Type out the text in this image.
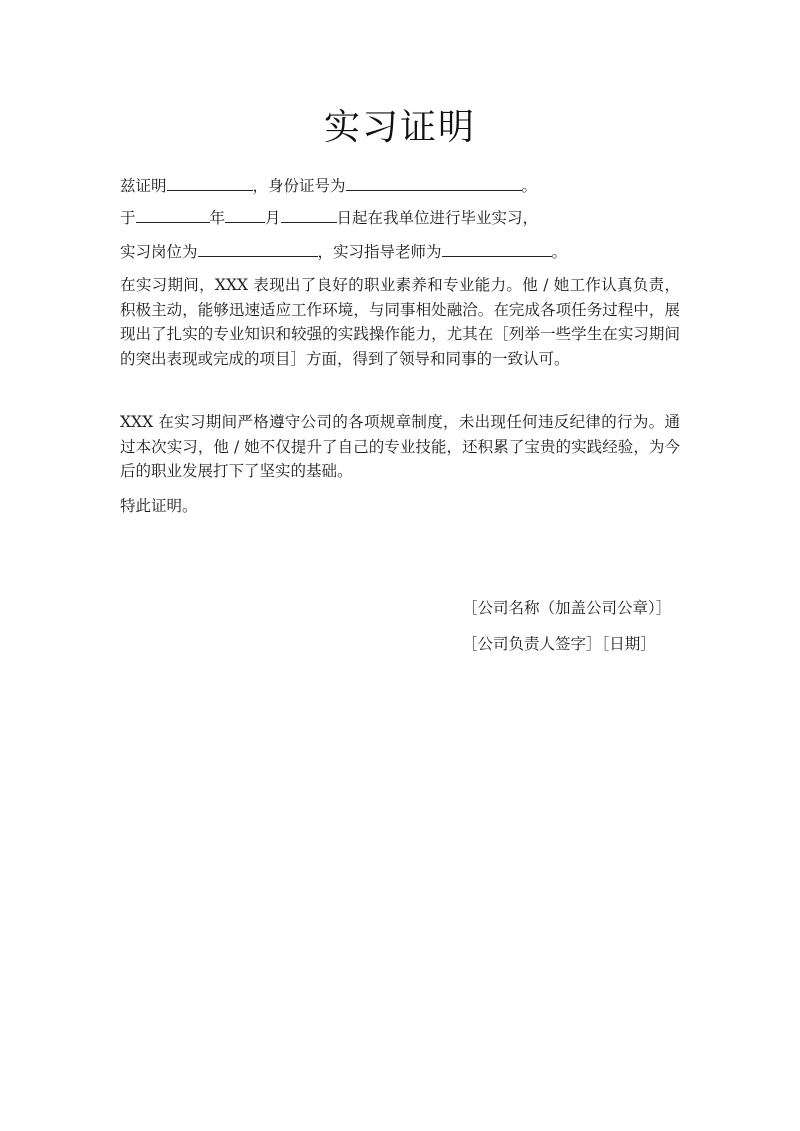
实习证明
兹证明	，身份证号为	。
于	年	月	日起在我单位进行毕业实习，
实习岗位为	，实习指导老师为	。
在实习期间，XXX 表现出了良好的职业素养和专业能力。他 / 她工作认真负责，积极主动，能够迅速适应工作环境，与同事相处融洽。在完成各项任务过程中，展现出了扎实的专业知识和较强的实践操作能力，尤其在［列举一些学生在实习期间的突出表现或完成的项目］方面，得到了领导和同事的一致认可。
XXX 在实习期间严格遵守公司的各项规章制度，未出现任何违反纪律的行为。通过本次实习，他 / 她不仅提升了自己的专业技能，还积累了宝贵的实践经验，为今后的职业发展打下了坚实的基础。
特此证明。
［公司名称（加盖公司公章）］
［公司负责人签字］［日期］
